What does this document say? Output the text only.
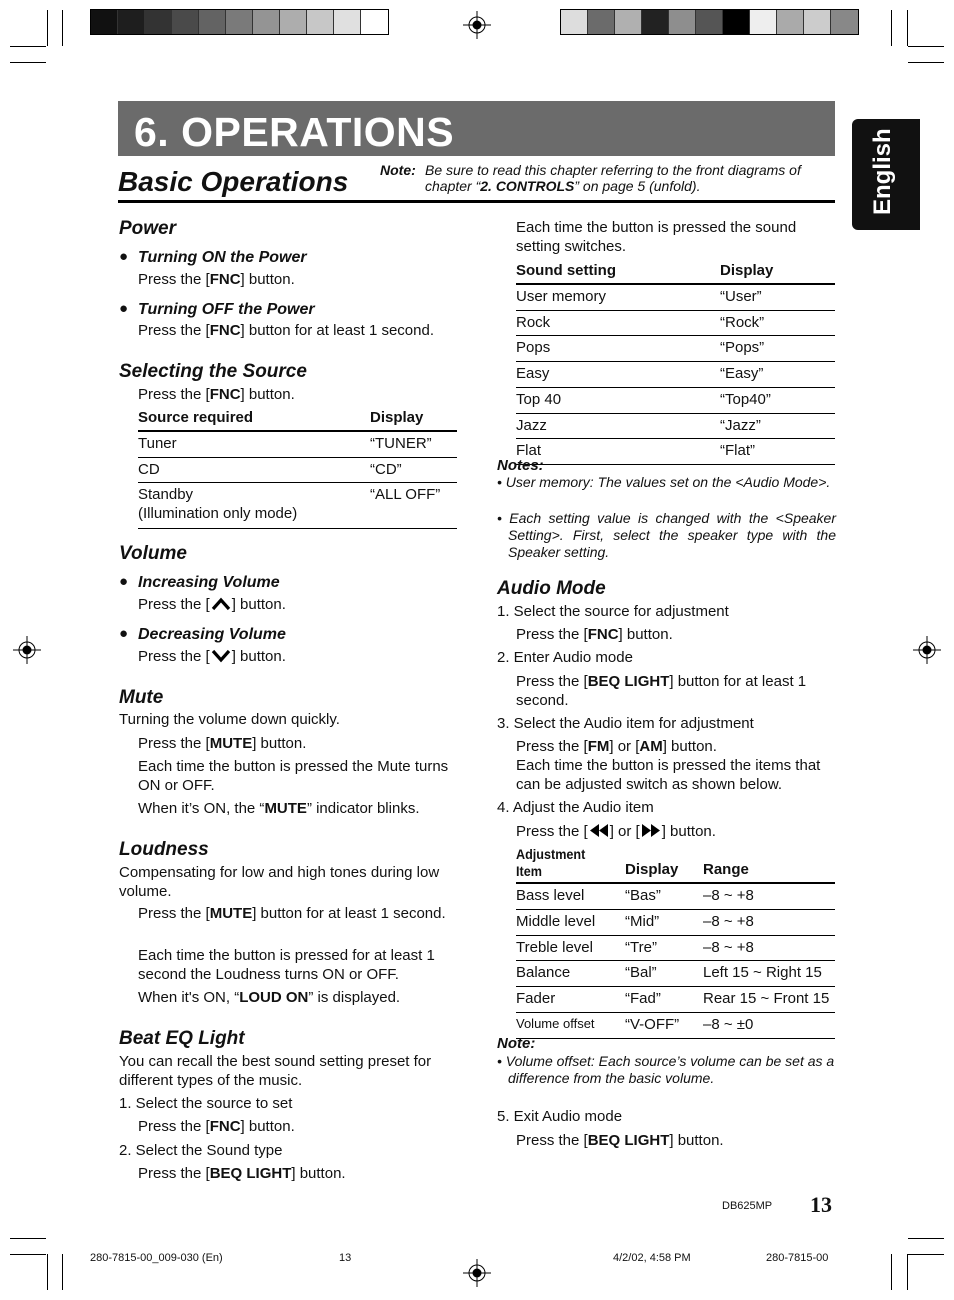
6. OPERATIONS	English
Basic Operations Note: Be sure to read this chapter referring to the front diagrams of chapter “2. CONTROLS” on page 5 (unfold).
Power
● Turning ON the Power
Press the [FNC] button.
● Turning OFF the Power
Press the [FNC] button for at least 1 second.
Selecting the Source
Press the [FNC] button.
Source required	Display
Tuner	“TUNER”
CD	“CD”
Standby
(Illumination only mode)	“ALL OFF”
Volume
● Increasing Volume
Press the [ ] button.
● Decreasing Volume
Press the [ ] button.
Mute
Turning the volume down quickly.
Press the [MUTE] button.
Each time the button is pressed the Mute turns ON or OFF.
When it’s ON, the “MUTE” indicator blinks.
Loudness
Compensating for low and high tones during low volume.
Press the [MUTE] button for at least 1 second.
Each time the button is pressed for at least 1 second the Loudness turns ON or OFF.
When it's ON, “LOUD ON” is displayed.
Beat EQ Light
You can recall the best sound setting preset for different types of the music.
1. Select the source to set
Press the [FNC] button.
2. Select the Sound type
Press the [BEQ LIGHT] button.
Each time the button is pressed the sound setting switches.
Sound setting	Display
User memory	“User”
Rock	“Rock”
Pops	“Pops”
Easy	“Easy”
Top 40	“Top40”
Jazz	“Jazz”
Flat	“Flat”
Notes:
• User memory: The values set on the <Audio Mode>.
• Each setting value is changed with the <Speaker Setting>. First, select the speaker type with the Speaker setting.
Audio Mode
1. Select the source for adjustment
Press the [FNC] button.
2. Enter Audio mode
Press the [BEQ LIGHT] button for at least 1 second.
3. Select the Audio item for adjustment
Press the [FM] or [AM] button.
Each time the button is pressed the items that can be adjusted switch as shown below.
4. Adjust the Audio item
Press the [ ] or [ ] button.
Adjustment
Item	Display	Range
Bass level	“Bas”	–8 ~ +8
Middle level	“Mid”	–8 ~ +8
Treble level	“Tre”	–8 ~ +8
Balance	“Bal”	Left 15 ~ Right 15
Fader	“Fad”	Rear 15 ~ Front 15
Volume offset	“V-OFF”	–8 ~ ±0
Note:
• Volume offset: Each source’s volume can be set as a difference from the basic volume.
5. Exit Audio mode
Press the [BEQ LIGHT] button.
DB625MP 13
280-7815-00_009-030 (En)	13	4/2/02, 4:58 PM	280-7815-00
